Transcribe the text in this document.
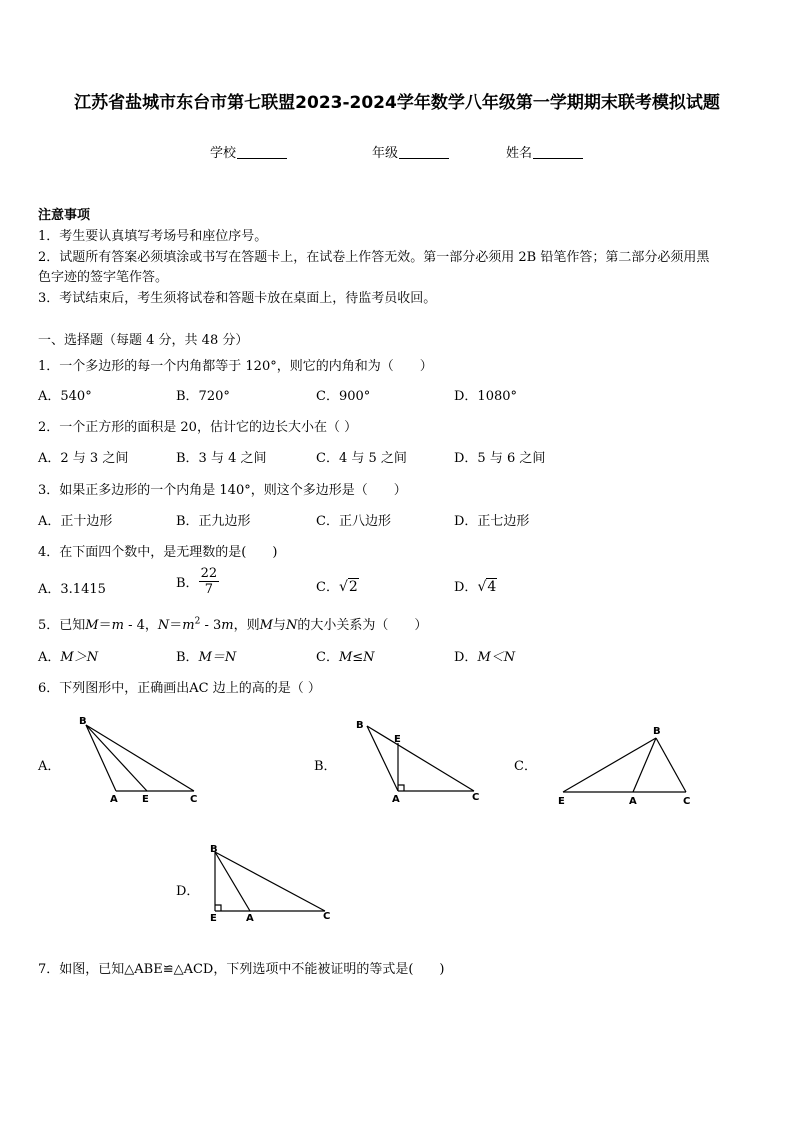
江苏省盐城市东台市第七联盟2023-2024学年数学八年级第一学期期末联考模拟试题
学校	年级	姓名
注意事项
1．考生要认真填写考场号和座位序号。
2．试题所有答案必须填涂或书写在答题卡上，在试卷上作答无效。第一部分必须用 2B 铅笔作答；第二部分必须用黑
色字迹的签字笔作答。
3．考试结束后，考生须将试卷和答题卡放在桌面上，待监考员收回。
一、选择题（每题 4 分，共 48 分）
1．一个多边形的每一个内角都等于 120°，则它的内角和为（　　）
A．540°	B．720°	C．900°	D．1080°
2．一个正方形的面积是 20，估计它的边长大小在（ ）
A．2 与 3 之间	B．3 与 4 之间	C．4 与 5 之间	D．5 与 6 之间
3．如果正多边形的一个内角是 140°，则这个多边形是（　　）
A．正十边形	B．正九边形	C．正八边形	D．正七边形
4．在下面四个数中，是无理数的是(　　)
A．3.1415	B． $\frac{22}{7}$	C．√2	D．√4
5．已知M＝m - 4，$N=m^2 - 3m$，则M与N的大小关系为（　　）
A．M＞N	B．M＝N	C．M≤N	D．M＜N
6．下列图形中，正确画出AC 边上的高的是（ ）
A．
B
A E	C
B．
B
E
A	C
C．
B
E	A	C
D．
B
E	A	C
7．如图，已知△ABE≌△ACD，下列选项中不能被证明的等式是(　　)
